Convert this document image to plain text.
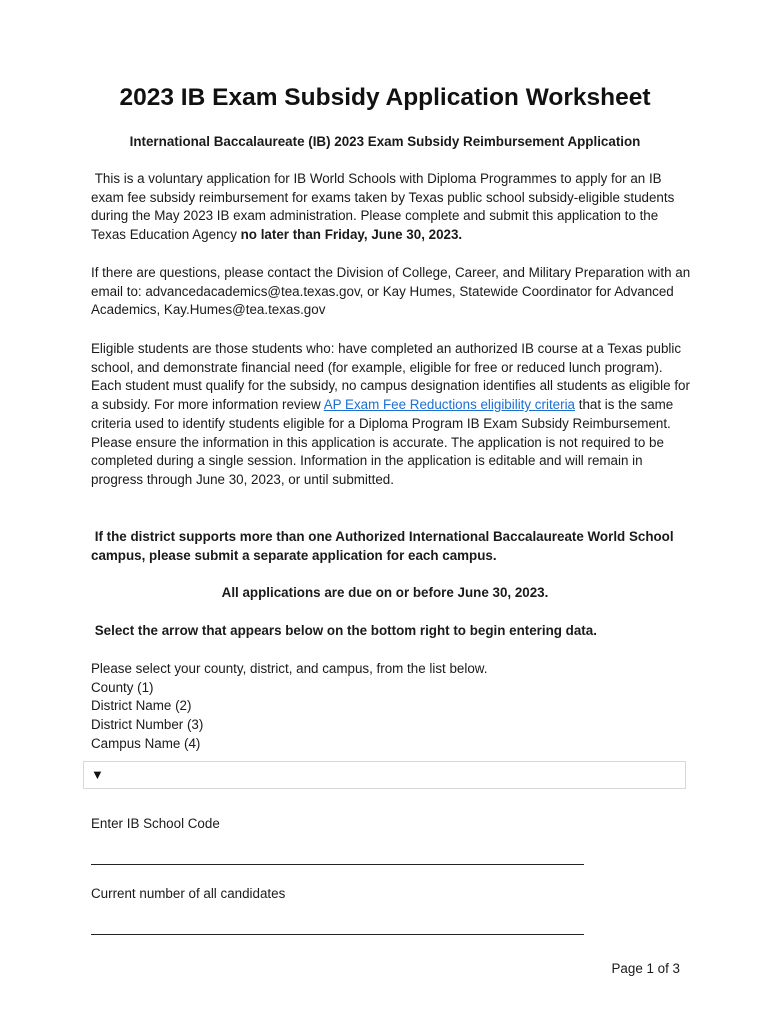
2023 IB Exam Subsidy Application Worksheet

International Baccalaureate (IB) 2023 Exam Subsidy Reimbursement Application

This is a voluntary application for IB World Schools with Diploma Programmes to apply for an IB exam fee subsidy reimbursement for exams taken by Texas public school subsidy-eligible students during the May 2023 IB exam administration. Please complete and submit this application to the Texas Education Agency no later than Friday, June 30, 2023.

If there are questions, please contact the Division of College, Career, and Military Preparation with an email to: advancedacademics@tea.texas.gov, or Kay Humes, Statewide Coordinator for Advanced Academics, Kay.Humes@tea.texas.gov

Eligible students are those students who: have completed an authorized IB course at a Texas public school, and demonstrate financial need (for example, eligible for free or reduced lunch program). Each student must qualify for the subsidy, no campus designation identifies all students as eligible for a subsidy. For more information review AP Exam Fee Reductions eligibility criteria that is the same criteria used to identify students eligible for a Diploma Program IB Exam Subsidy Reimbursement. Please ensure the information in this application is accurate. The application is not required to be completed during a single session. Information in the application is editable and will remain in progress through June 30, 2023, or until submitted.

If the district supports more than one Authorized International Baccalaureate World School campus, please submit a separate application for each campus.

All applications are due on or before June 30, 2023.

Select the arrow that appears below on the bottom right to begin entering data.

Please select your county, district, and campus, from the list below.
County (1)
District Name (2)
District Number (3)
Campus Name (4)

▼

Enter IB School Code

Current number of all candidates

Page 1 of 3
